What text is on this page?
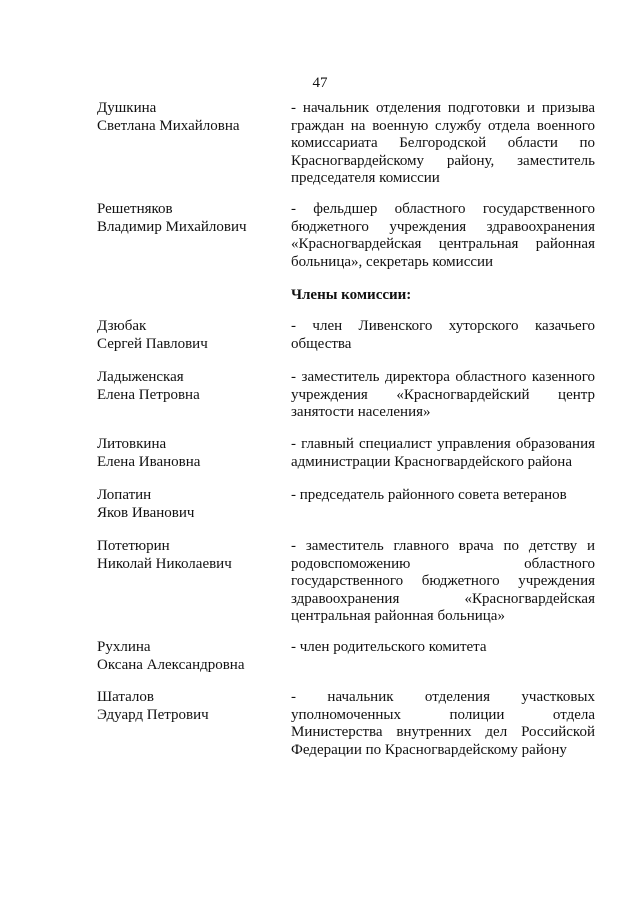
47
Душкина
Светлана Михайловна
- начальник отделения подготовки и призыва
граждан на военную службу отдела военного
комиссариата Белгородской области по
Красногвардейскому району, заместитель
председателя комиссии
Решетняков
Владимир Михайлович
- фельдшер областного государственного
бюджетного учреждения здравоохранения
«Красногвардейская центральная районная
больница», секретарь комиссии
Члены комиссии:
Дзюбак
Сергей Павлович
- член Ливенского хуторского казачьего
общества
Ладыженская
Елена Петровна
- заместитель директора областного казенного
учреждения «Красногвардейский центр
занятости населения»
Литовкина
Елена Ивановна
- главный специалист управления образования
администрации Красногвардейского района
Лопатин
Яков Иванович
- председатель районного совета ветеранов
Потетюрин
Николай Николаевич
- заместитель главного врача по детству и
родовспоможению областного
государственного бюджетного учреждения
здравоохранения «Красногвардейская
центральная районная больница»
Рухлина
Оксана Александровна
- член родительского комитета
Шаталов
Эдуард Петрович
- начальник отделения участковых
уполномоченных полиции отдела
Министерства внутренних дел Российской
Федерации по Красногвардейскому району
